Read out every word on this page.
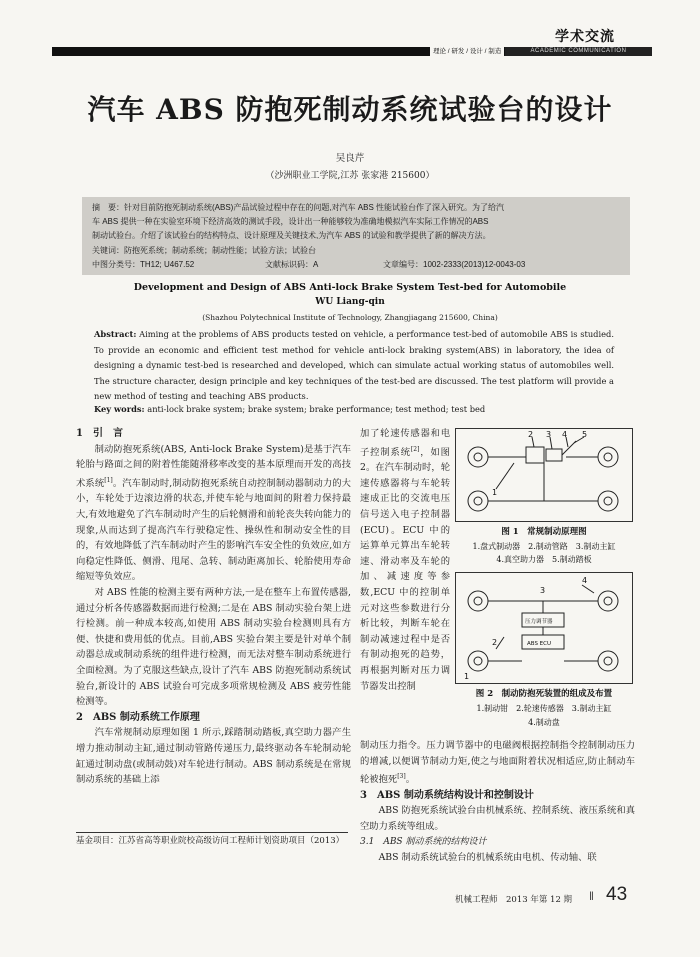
学术交流
理论 / 研发 / 设计 / 制造	ACADEMIC COMMUNICATION
汽车 ABS 防抱死制动系统试验台的设计
吴良芹
（沙洲职业工学院,江苏 张家港 215600）
摘　要：针对目前防抱死制动系统(ABS)产品试验过程中存在的问题,对汽车 ABS 性能试验台作了深入研究。为了给汽
车 ABS 提供一种在实验室环境下经济高效的测试手段，设计出一种能够较为准确地模拟汽车实际工作情况的ABS
制动试验台。介绍了该试验台的结构特点、设计原理及关键技术,为汽车 ABS 的试验和教学提供了新的解决方法。
关键词：防抱死系统；制动系统；制动性能；试验方法；试验台
中图分类号：TH12; U467.52	文献标识码：A	文章编号：1002-2333(2013)12-0043-03
Development and Design of ABS Anti-lock Brake System Test-bed for Automobile
WU Liang-qin
(Shazhou Polytechnical Institute of Technology, Zhangjiagang 215600, China)
Abstract: Aiming at the problems of ABS products tested on vehicle, a performance test-bed of automobile ABS is studied. To provide an economic and efficient test method for vehicle anti-lock braking system(ABS) in laboratory, the idea of designing a dynamic test-bed is researched and developed, which can simulate actual working status of automobiles well. The structure character, design principle and key techniques of the test-bed are discussed. The test platform will provide a new method of testing and teaching ABS products.
Key words: anti-lock brake system; brake system; brake performance; test method; test bed

1　引　言

制动防抱死系统(ABS, Anti-lock Brake System)是基于汽车轮胎与路面之间的附着性能随滑移率改变的基本原理而开发的高技术系统[1]。汽车制动时,制动防抱死系统自动控制制动器制动力的大小，车轮处于边滚边滑的状态,并使车轮与地面间的附着力保持最大,有效地避免了汽车制动时产生的后轮侧滑和前轮丧失转向能力的现象,从而达到了提高汽车行驶稳定性、操纵性和制动安全性的目的，有效地降低了汽车制动时产生的影响汽车安全性的负效应,如方向稳定性降低、侧滑、甩尾、急转、制动距离加长、轮胎使用寿命缩短等负效应。

对 ABS 性能的检测主要有两种方法,一是在整车上布置传感器,通过分析各传感器数据而进行检测;二是在 ABS 制动实验台架上进行检测。前一种成本较高,如使用 ABS 制动实验台检测则具有方便、快捷和费用低的优点。目前,ABS 实验台架主要是针对单个制动器总成或制动系统的组件进行检测，而无法对整车制动系统进行全面检测。为了克服这些缺点,设计了汽车 ABS 防抱死制动系统试验台,新设计的 ABS 试验台可完成多项常规检测及 ABS 疲劳性能检测等。

2　ABS 制动系统工作原理

汽车常规制动原理如图 1 所示,踩踏制动踏板,真空助力器产生增力推动制动主缸,通过制动管路传递压力,最终驱动各车轮制动轮缸通过制动盘(或制动鼓)对车轮进行制动。ABS 制动系统是在常规制动系统的基础上添

基金项目：江苏省高等职业院校高级访问工程师计划资助项目（2013）

加了轮速传感器和电子控制系统[2]，如图 2。在汽车制动时，轮速传感器将与车轮转速成正比的交流电压信号送入电子控制器(ECU)。ECU 中的运算单元算出车轮转速、滑动率及车轮的加、减速度等参数,ECU 中的控制单元对这些参数进行分析比较，判断车轮在制动减速过程中是否有制动抱死的趋势，再根据判断对压力调节器发出控制

制动压力指令。压力调节器中的电磁阀根据控制指令控制制动压力的增减,以便调节制动力矩,使之与地面附着状况相适应,防止制动车轮被抱死[3]。

3　ABS 制动系统结构设计和控制设计

ABS 防抱死系统试验台由机械系统、控制系统、液压系统和真空助力系统等组成。

3.1　ABS 制动系统的结构设计

ABS 制动系统试验台的机械系统由电机、传动轴、联

2 3 4 5
1
图 1　常规制动原理图
1.盘式制动器　2.制动管路　3.制动主缸
4.真空助力器　5.制动踏板
压力调节器
ABS ECU
4
3
2
1
图 2　制动防抱死装置的组成及布置
1.制动钳　2.轮速传感器　3.制动主缸
4.制动盘
机械工程师　2013 年第 12 期 ‖ 43
